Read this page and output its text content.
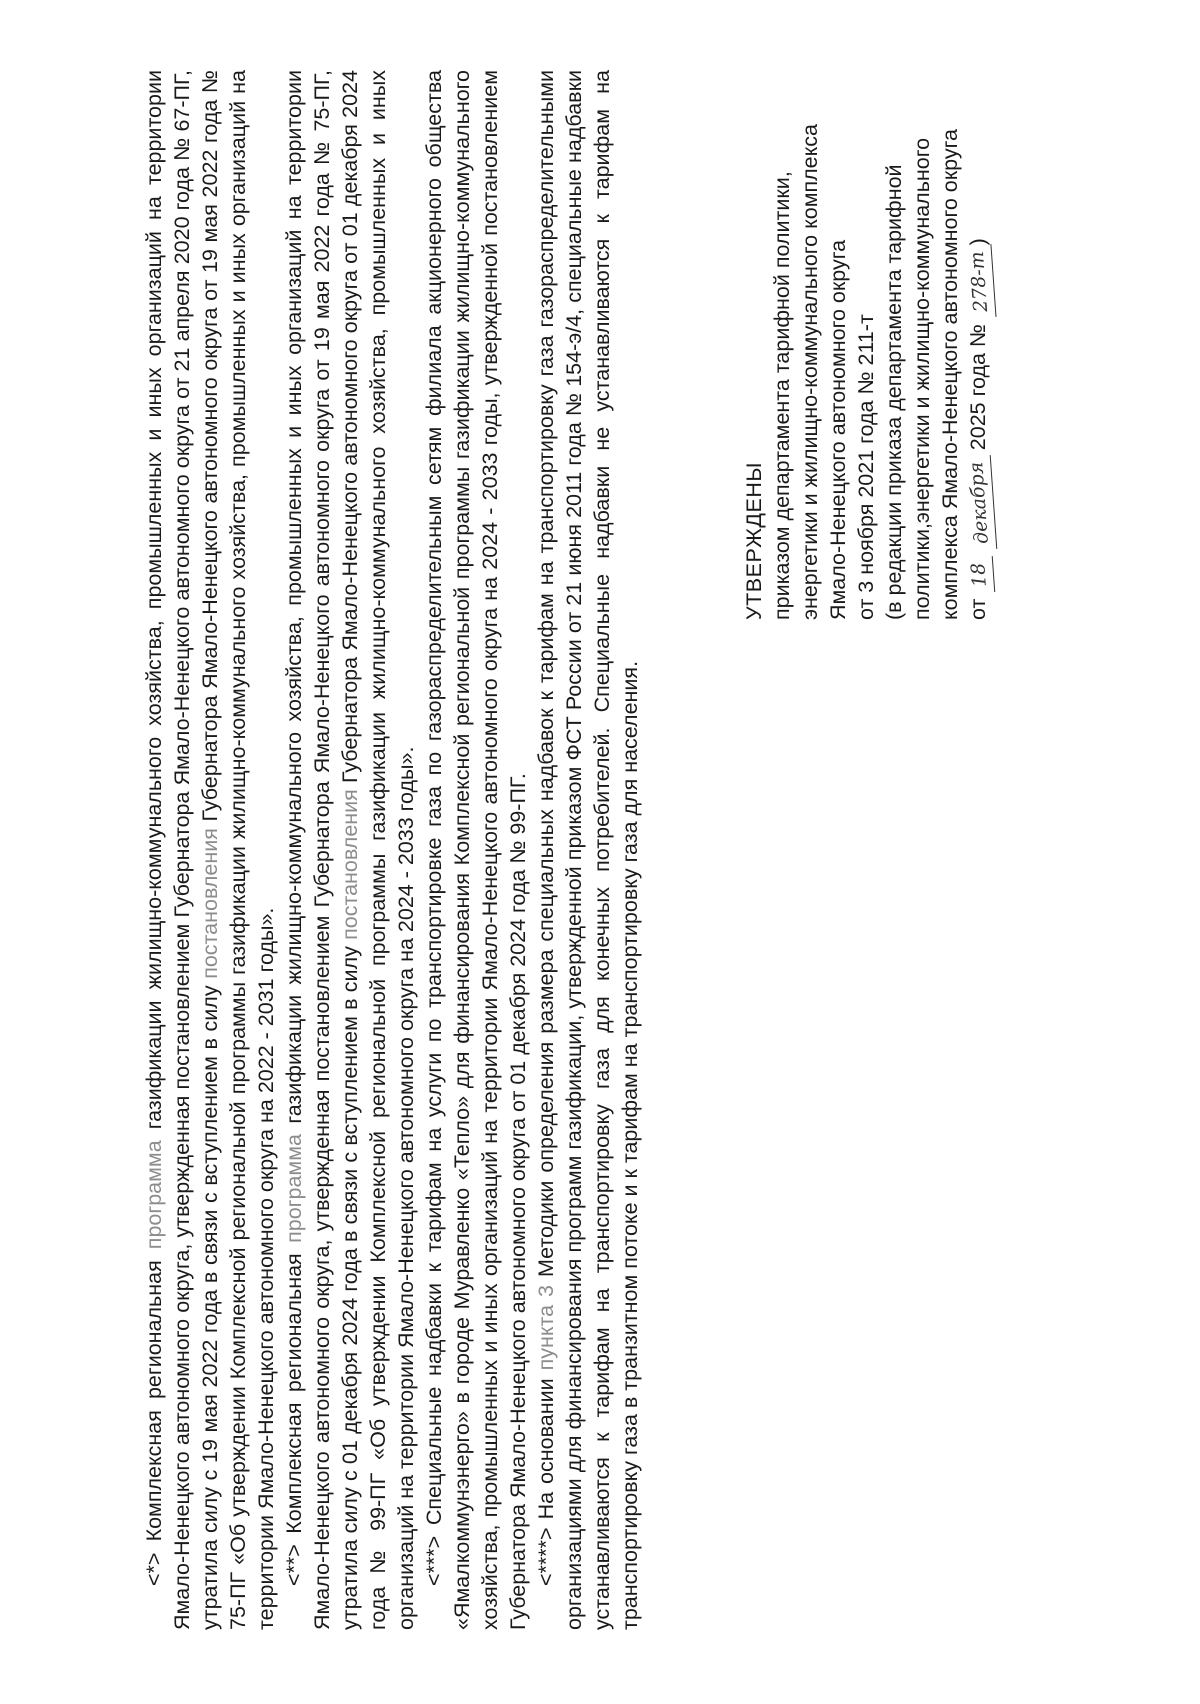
<*> Комплексная региональная программа газификации жилищно-коммунального хозяйства, промышленных и иных организаций на территории Ямало-Ненецкого автономного округа, утвержденная постановлением Губернатора Ямало-Ненецкого автономного округа от 21 апреля 2020 года № 67-ПГ, утратила силу с 19 мая 2022 года в связи с вступлением в силу постановления Губернатора Ямало-Ненецкого автономного округа от 19 мая 2022 года № 75-ПГ «Об утверждении Комплексной региональной программы газификации жилищно-коммунального хозяйства, промышленных и иных организаций на территории Ямало-Ненецкого автономного округа на 2022 - 2031 годы». <**> Комплексная региональная программа газификации жилищно-коммунального хозяйства, промышленных и иных организаций на территории Ямало-Ненецкого автономного округа, утвержденная постановлением Губернатора Ямало-Ненецкого автономного округа от 19 мая 2022 года № 75-ПГ, утратила силу с 01 декабря 2024 года в связи с вступлением в силу постановления Губернатора Ямало-Ненецкого автономного округа от 01 декабря 2024 года № 99-ПГ «Об утверждении Комплексной региональной программы газификации жилищно-коммунального хозяйства, промышленных и иных организаций на территории Ямало-Ненецкого автономного округа на 2024 - 2033 годы». <***> Специальные надбавки к тарифам на услуги по транспортировке газа по газораспределительным сетям филиала акционерного общества «Ямалкоммунэнерго» в городе Муравленко «Тепло» для финансирования Комплексной региональной программы газификации жилищно-коммунального хозяйства, промышленных и иных организаций на территории Ямало-Ненецкого автономного округа на 2024 - 2033 годы, утвержденной постановлением Губернатора Ямало-Ненецкого автономного округа от 01 декабря 2024 года № 99-ПГ. <****> На основании пункта 3 Методики определения размера специальных надбавок к тарифам на транспортировку газа газораспределительными организациями для финансирования программ газификации, утвержденной приказом ФСТ России от 21 июня 2011 года № 154-э/4, специальные надбавки устанавливаются к тарифам на транспортировку газа для конечных потребителей. Специальные надбавки не устанавливаются к тарифам на транспортировку газа в транзитном потоке и к тарифам на транспортировку газа для населения.

УТВЕРЖДЕНЫ приказом департамента тарифной политики, энергетики и жилищно-коммунального комплекса Ямало-Ненецкого автономного округа от 3 ноября 2021 года № 211-т (в редакции приказа департамента тарифной политики,энергетики и жилищно-коммунального комплекса Ямало-Ненецкого автономного округа от 18 декабря 2025 года № 278-т)
